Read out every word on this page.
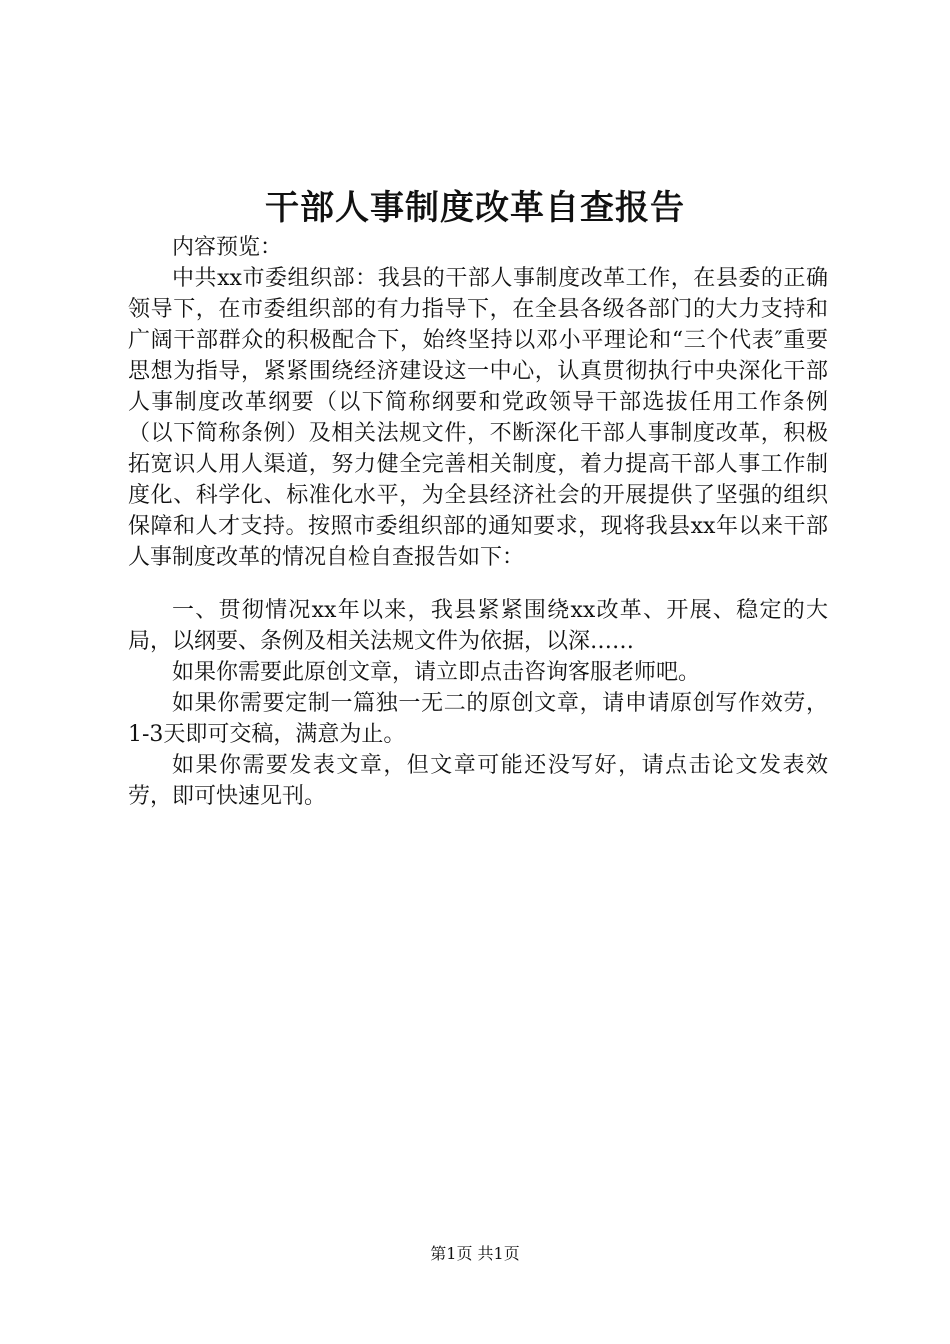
干部人事制度改革自查报告

内容预览：

中共xx市委组织部：我县的干部人事制度改革工作，在县委的正确领导下，在市委组织部的有力指导下，在全县各级各部门的大力支持和广阔干部群众的积极配合下，始终坚持以邓小平理论和“三个代表″重要思想为指导，紧紧围绕经济建设这一中心，认真贯彻执行中央深化干部人事制度改革纲要（以下简称纲要和党政领导干部选拔任用工作条例（以下简称条例）及相关法规文件，不断深化干部人事制度改革，积极拓宽识人用人渠道，努力健全完善相关制度，着力提高干部人事工作制度化、科学化、标准化水平，为全县经济社会的开展提供了坚强的组织保障和人才支持。按照市委组织部的通知要求，现将我县xx年以来干部人事制度改革的情况自检自查报告如下：

一、贯彻情况xx年以来，我县紧紧围绕xx改革、开展、稳定的大局，以纲要、条例及相关法规文件为依据，以深……

如果你需要此原创文章，请立即点击咨询客服老师吧。

如果你需要定制一篇独一无二的原创文章，请申请原创写作效劳，1-3天即可交稿，满意为止。

如果你需要发表文章，但文章可能还没写好，请点击论文发表效劳，即可快速见刊。

第1页 共1页
